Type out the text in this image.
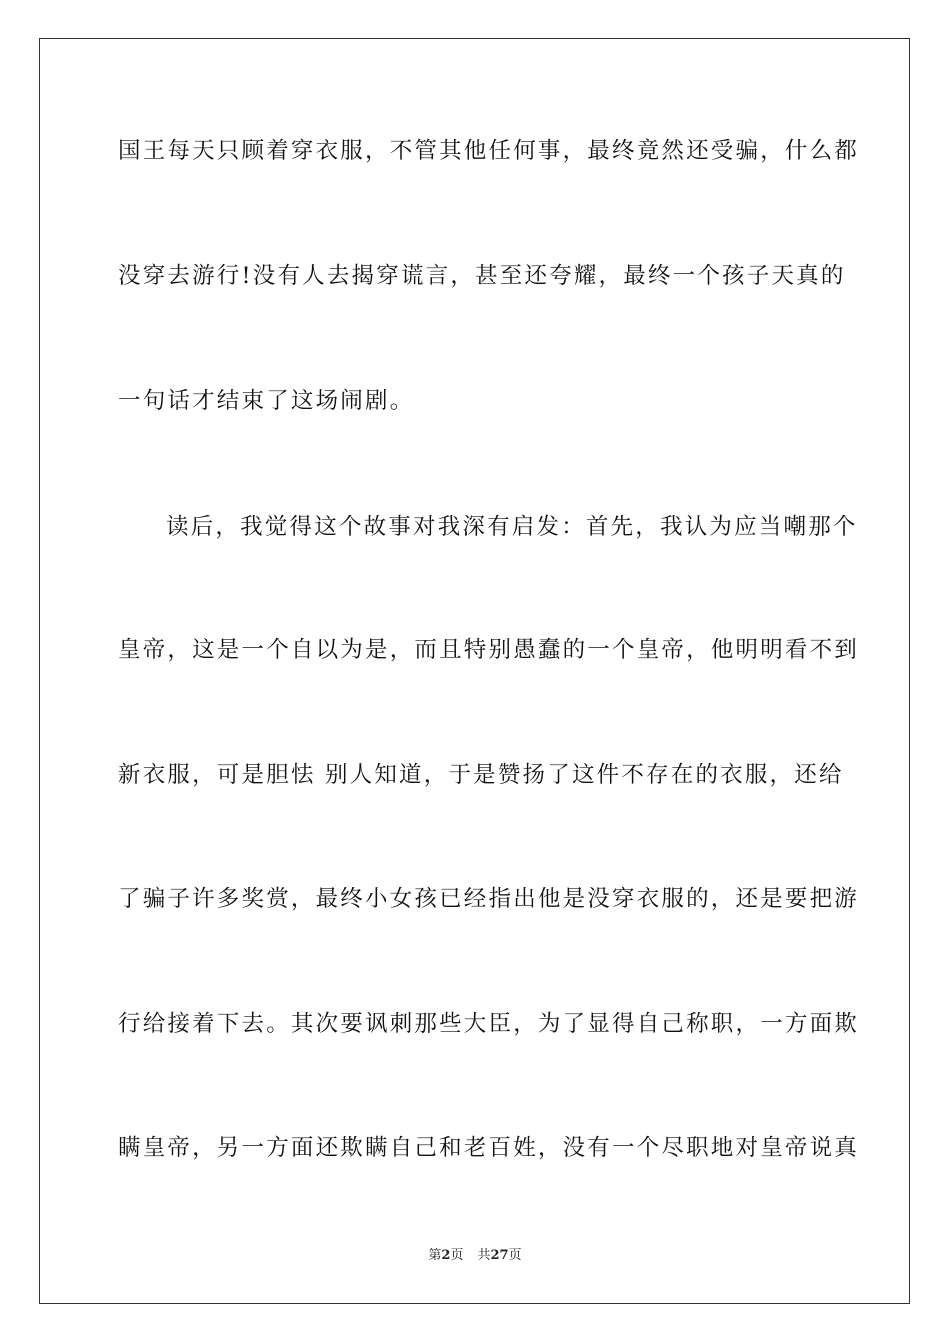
国王每天只顾着穿衣服，不管其他任何事，最终竟然还受骗，什么都
没穿去游行!没有人去揭穿谎言，甚至还夸耀，最终一个孩子天真的
一句话才结束了这场闹剧。
读后，我觉得这个故事对我深有启发：首先，我认为应当嘲那个
皇帝，这是一个自以为是，而且特别愚蠢的一个皇帝，他明明看不到
新衣服，可是胆怯 别人知道，于是赞扬了这件不存在的衣服，还给
了骗子许多奖赏，最终小女孩已经指出他是没穿衣服的，还是要把游
行给接着下去。其次要讽刺那些大臣，为了显得自己称职，一方面欺
瞒皇帝，另一方面还欺瞒自己和老百姓，没有一个尽职地对皇帝说真
第2页 共27页
